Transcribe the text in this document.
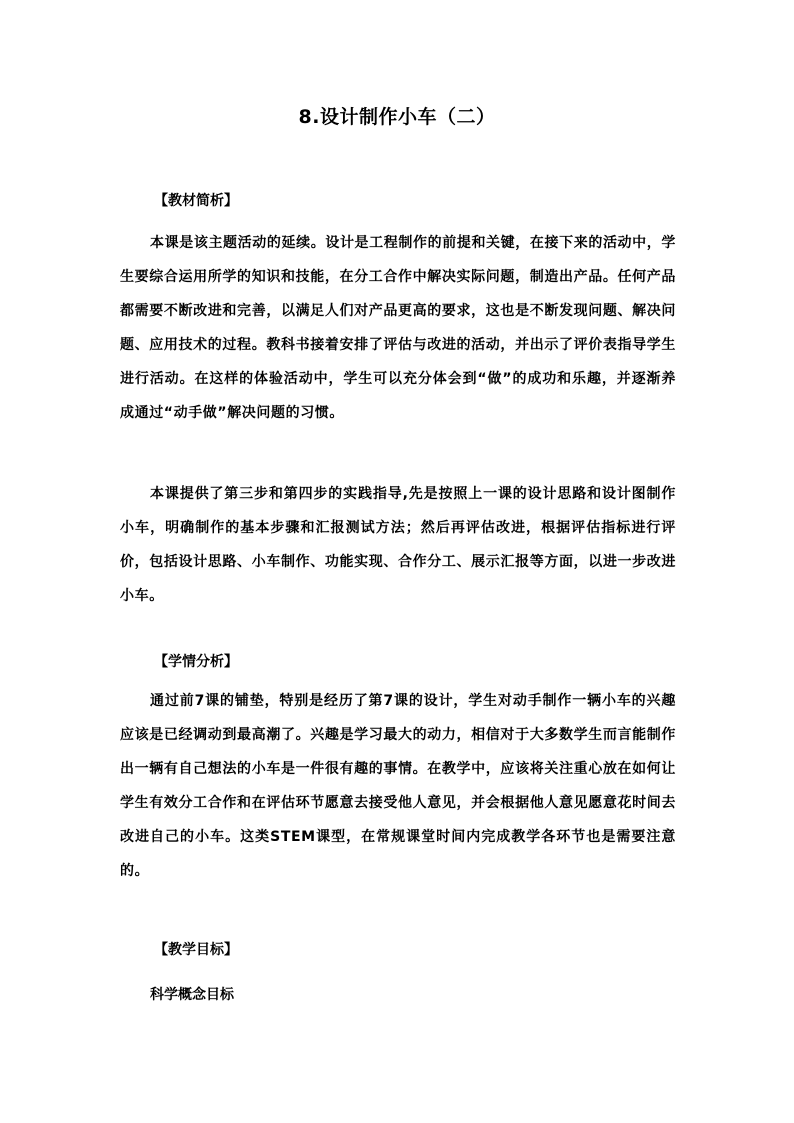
8.设计制作小车（二）
【教材简析】

本课是该主题活动的延续。设计是工程制作的前提和关键，在接下来的活动中，学生要综合运用所学的知识和技能，在分工合作中解决实际问题，制造出产品。任何产品都需要不断改进和完善，以满足人们对产品更高的要求，这也是不断发现问题、解决问题、应用技术的过程。教科书接着安排了评估与改进的活动，并出示了评价表指导学生进行活动。在这样的体验活动中，学生可以充分体会到“做”的成功和乐趣，并逐渐养成通过“动手做”解决问题的习惯。

本课提供了第三步和第四步的实践指导,先是按照上一课的设计思路和设计图制作小车，明确制作的基本步骤和汇报测试方法；然后再评估改进，根据评估指标进行评价，包括设计思路、小车制作、功能实现、合作分工、展示汇报等方面，以进一步改进小车。

【学情分析】

通过前7课的铺垫，特别是经历了第7课的设计，学生对动手制作一辆小车的兴趣应该是已经调动到最高潮了。兴趣是学习最大的动力，相信对于大多数学生而言能制作出一辆有自己想法的小车是一件很有趣的事情。在教学中，应该将关注重心放在如何让学生有效分工合作和在评估环节愿意去接受他人意见，并会根据他人意见愿意花时间去改进自己的小车。这类STEM课型，在常规课堂时间内完成教学各环节也是需要注意的。

【教学目标】
科学概念目标
